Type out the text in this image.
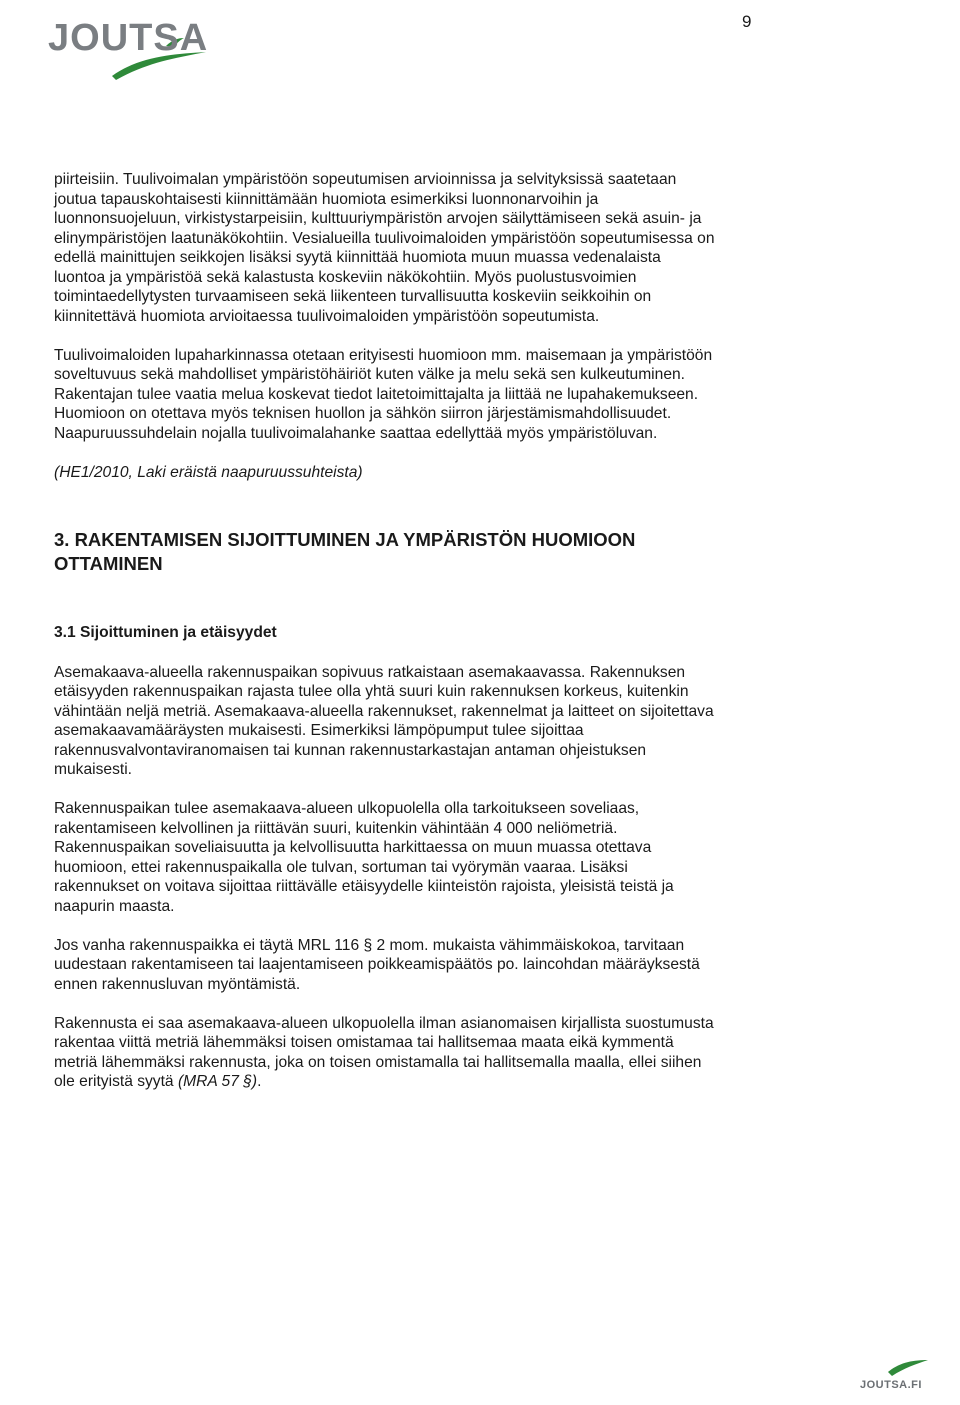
JOUTSA	9

piirteisiin. Tuulivoimalan ympäristöön sopeutumisen arvioinnissa ja selvityksissä saatetaan joutua tapauskohtaisesti kiinnittämään huomiota esimerkiksi luonnonarvoihin ja luonnonsuojeluun, virkistystarpeisiin, kulttuuriympäristön arvojen säilyttämiseen sekä asuin- ja elinympäristöjen laatunäkökohtiin. Vesialueilla tuulivoimaloiden ympäristöön sopeutumisessa on edellä mainittujen seikkojen lisäksi syytä kiinnittää huomiota muun muassa vedenalaista luontoa ja ympäristöä sekä kalastusta koskeviin näkökohtiin. Myös puolustusvoimien toimintaedellytysten turvaamiseen sekä liikenteen turvallisuutta koskeviin seikkoihin on kiinnitettävä huomiota arvioitaessa tuulivoimaloiden ympäristöön sopeutumista.

Tuulivoimaloiden lupaharkinnassa otetaan erityisesti huomioon mm. maisemaan ja ympäristöön soveltuvuus sekä mahdolliset ympäristöhäiriöt kuten välke ja melu sekä sen kulkeutuminen. Rakentajan tulee vaatia melua koskevat tiedot laitetoimittajalta ja liittää ne lupahakemukseen. Huomioon on otettava myös teknisen huollon ja sähkön siirron järjestämismahdollisuudet. Naapuruussuhdelain nojalla tuulivoimalahanke saattaa edellyttää myös ympäristöluvan.

(HE1/2010, Laki eräistä naapuruussuhteista)

3. RAKENTAMISEN SIJOITTUMINEN JA YMPÄRISTÖN HUOMIOON OTTAMINEN
3.1 Sijoittuminen ja etäisyydet

Asemakaava-alueella rakennuspaikan sopivuus ratkaistaan asemakaavassa. Rakennuksen etäisyyden rakennuspaikan rajasta tulee olla yhtä suuri kuin rakennuksen korkeus, kuitenkin vähintään neljä metriä. Asemakaava-alueella rakennukset, rakennelmat ja laitteet on sijoitettava asemakaavamääräysten mukaisesti. Esimerkiksi lämpöpumput tulee sijoittaa rakennusvalvontaviranomaisen tai kunnan rakennustarkastajan antaman ohjeistuksen mukaisesti.

Rakennuspaikan tulee asemakaava-alueen ulkopuolella olla tarkoitukseen soveliaas, rakentamiseen kelvollinen ja riittävän suuri, kuitenkin vähintään 4 000 neliömetriä. Rakennuspaikan soveliaisuutta ja kelvollisuutta harkittaessa on muun muassa otettava huomioon, ettei rakennuspaikalla ole tulvan, sortuman tai vyörymän vaaraa. Lisäksi rakennukset on voitava sijoittaa riittävälle etäisyydelle kiinteistön rajoista, yleisistä teistä ja naapurin maasta.

Jos vanha rakennuspaikka ei täytä MRL 116 § 2 mom. mukaista vähimmäiskokoa, tarvitaan uudestaan rakentamiseen tai laajentamiseen poikkeamispäätös po. laincohdan määräyksestä ennen rakennusluvan myöntämistä.

Rakennusta ei saa asemakaava-alueen ulkopuolella ilman asianomaisen kirjallista suostumusta rakentaa viittä metriä lähemmäksi toisen omistamaa tai hallitsemaa maata eikä kymmentä metriä lähemmäksi rakennusta, joka on toisen omistamalla tai hallitsemalla maalla, ellei siihen ole erityistä syytä (MRA 57 §).

JOUTSA.FI
